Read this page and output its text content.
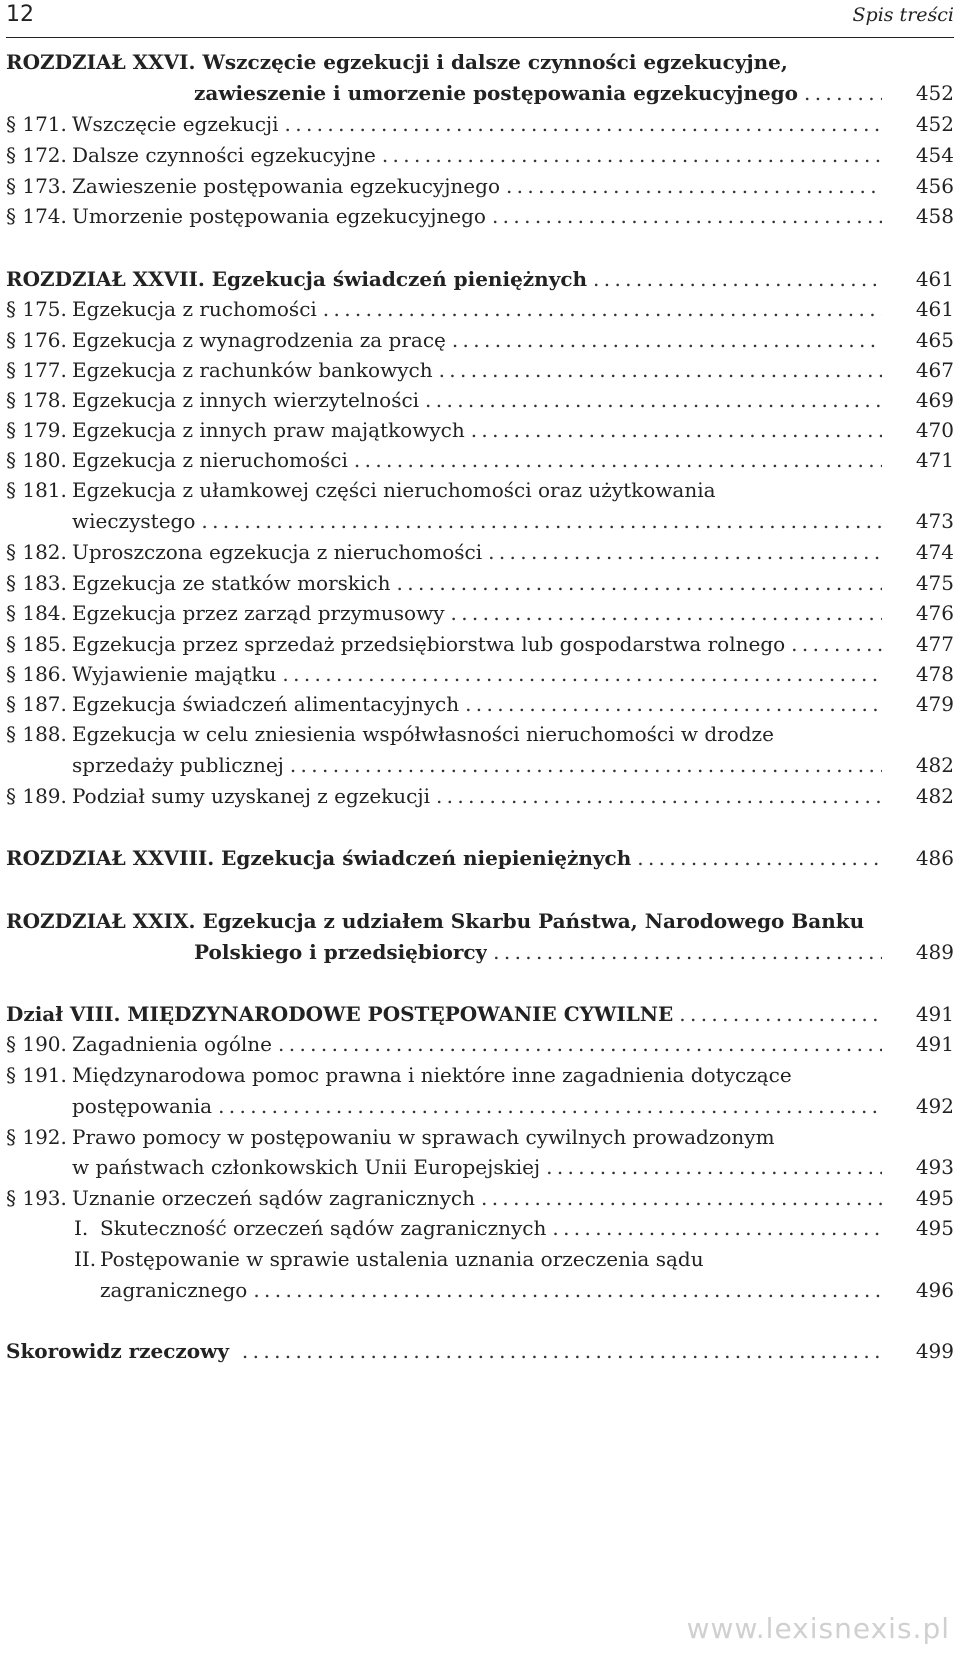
12	Spis treści
ROZDZIAŁ XXVI. Wszczęcie egzekucji i dalsze czynności egzekucyjne,
zawieszenie i umorzenie postępowania egzekucyjnego . . .	452
§ 171. Wszczęcie egzekucji . . .	452
§ 172. Dalsze czynności egzekucyjne . . .	454
§ 173. Zawieszenie postępowania egzekucyjnego . . .	456
§ 174. Umorzenie postępowania egzekucyjnego . . .	458
ROZDZIAŁ XXVII. Egzekucja świadczeń pieniężnych . . .	461
§ 175. Egzekucja z ruchomości . . .	461
§ 176. Egzekucja z wynagrodzenia za pracę . . .	465
§ 177. Egzekucja z rachunków bankowych . . .	467
§ 178. Egzekucja z innych wierzytelności . . .	469
§ 179. Egzekucja z innych praw majątkowych . . .	470
§ 180. Egzekucja z nieruchomości . . .	471
§ 181. Egzekucja z ułamkowej części nieruchomości oraz użytkowania
wieczystego . . .	473
§ 182. Uproszczona egzekucja z nieruchomości . . .	474
§ 183. Egzekucja ze statków morskich . . .	475
§ 184. Egzekucja przez zarząd przymusowy . . .	476
§ 185. Egzekucja przez sprzedaż przedsiębiorstwa lub gospodarstwa rolnego . . .	477
§ 186. Wyjawienie majątku . . .	478
§ 187. Egzekucja świadczeń alimentacyjnych . . .	479
§ 188. Egzekucja w celu zniesienia współwłasności nieruchomości w drodze
sprzedaży publicznej . . .	482
§ 189. Podział sumy uzyskanej z egzekucji . . .	482
ROZDZIAŁ XXVIII. Egzekucja świadczeń niepieniężnych . . .	486
ROZDZIAŁ XXIX. Egzekucja z udziałem Skarbu Państwa, Narodowego Banku
Polskiego i przedsiębiorcy . . .	489
Dział VIII. MIĘDZYNARODOWE POSTĘPOWANIE CYWILNE . . .	491
§ 190. Zagadnienia ogólne . . .	491
§ 191. Międzynarodowa pomoc prawna i niektóre inne zagadnienia dotyczące
postępowania . . .	492
§ 192. Prawo pomocy w postępowaniu w sprawach cywilnych prowadzonym
w państwach członkowskich Unii Europejskiej . . .	493
§ 193. Uznanie orzeczeń sądów zagranicznych . . .	495
I. Skuteczność orzeczeń sądów zagranicznych . . .	495
II. Postępowanie w sprawie ustalenia uznania orzeczenia sądu
zagranicznego . . .	496
Skorowidz rzeczowy . . .	499
www.lexisnexis.pl
